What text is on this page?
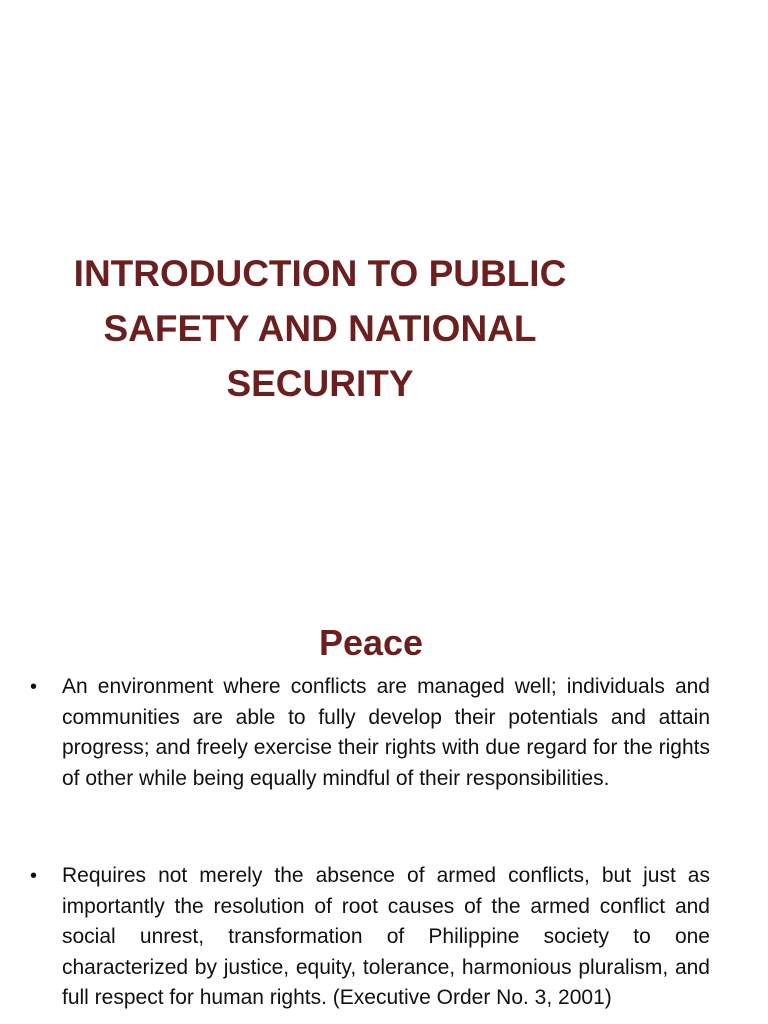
INTRODUCTION TO PUBLIC
SAFETY AND NATIONAL
SECURITY
Peace
•	An environment where conflicts are managed well; individuals and communities are able to fully develop their potentials and attain progress; and freely exercise their rights with due regard for the rights of other while being equally mindful of their responsibilities.
•	Requires not merely the absence of armed conflicts, but just as importantly the resolution of root causes of the armed conflict and social unrest, transformation of Philippine society to one characterized by justice, equity, tolerance, harmonious pluralism, and full respect for human rights. (Executive Order No. 3, 2001)
